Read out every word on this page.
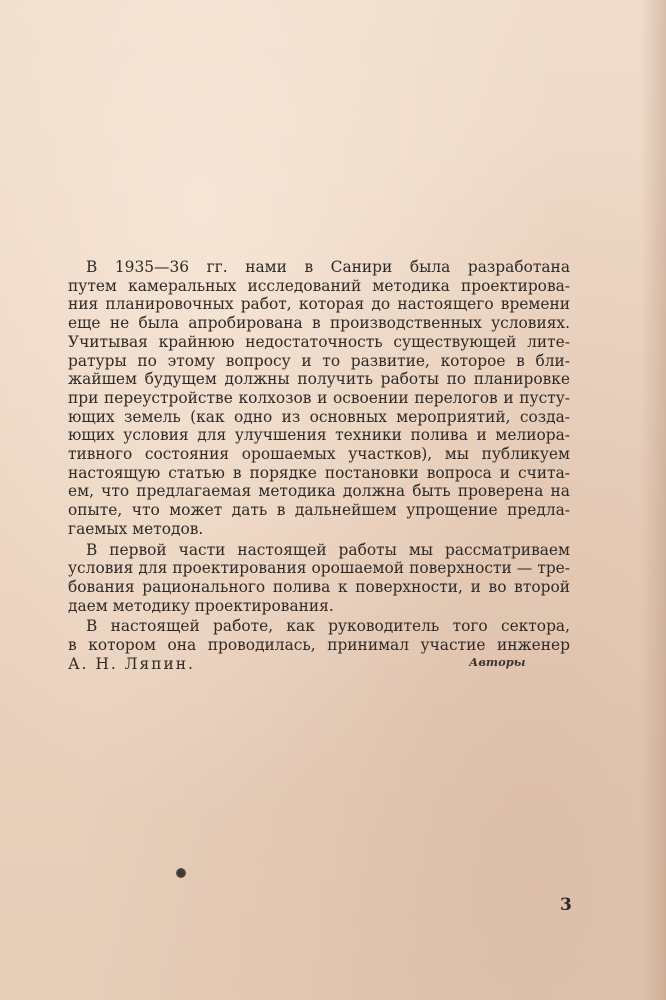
В 1935—36 гг. нами в Санири была разработана
путем камеральных исследований методика проектирова-
ния планировочных работ, которая до настоящего времени
еще не была апробирована в производственных условиях.
Учитывая крайнюю недостаточность существующей лите-
ратуры по этому вопросу и то развитие, которое в бли-
жайшем будущем должны получить работы по планировке
при переустройстве колхозов и освоении перелогов и пусту-
ющих земель (как одно из основных мероприятий, созда-
ющих условия для улучшения техники полива и мелиора-
тивного состояния орошаемых участков), мы публикуем
настоящую статью в порядке постановки вопроса и счита-
ем, что предлагаемая методика должна быть проверена на
опыте, что может дать в дальнейшем упрощение предла-
гаемых методов.

В первой части настоящей работы мы рассматриваем
условия для проектирования орошаемой поверхности — тре-
бования рационального полива к поверхности, и во второй
даем методику проектирования.

В настоящей работе, как руководитель того сектора,
в котором она проводилась, принимал участие инженер
А. Н. Ляпин.	Авторы

3
